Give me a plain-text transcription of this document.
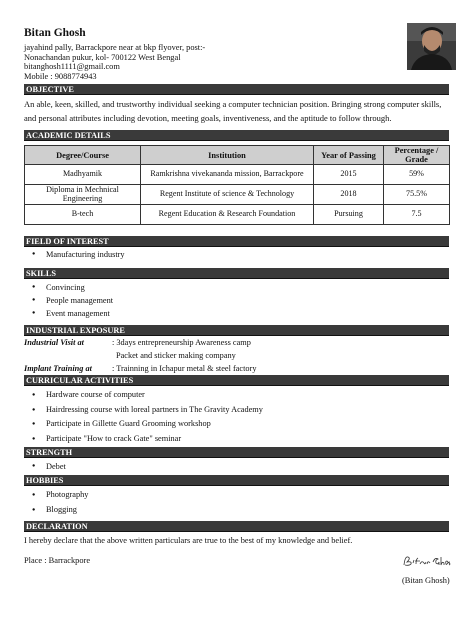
Bitan Ghosh
jayahind pally, Barrackpore near at bkp flyover, post:-
Nonachandan pukur, kol- 700122 West Bengal
bitanghosh1111@gmail.com
Mobile : 9088774943
OBJECTIVE
An able, keen, skilled, and trustworthy individual seeking a computer technician position. Bringing strong computer skills, and personal attributes including devotion, meeting goals, inventiveness, and the aptitude to follow through.
ACADEMIC DETAILS
Degree/Course	Institution	Year of Passing	Percentage / Grade
Madhyamik	Ramkrishna vivekananda mission, Barrackpore	2015	59%
Diploma in Mechnical Engineering	Regent Institute of science & Technology	2018	75.5%
B-tech	Regent Education & Research Foundation	Pursuing	7.5
FIELD OF INTEREST
● Manufacturing industry
SKILLS
● Convincing
● People management
● Event management
INDUSTRIAL EXPOSURE
Industrial Visit at	: 3days entrepreneurship Awareness camp
Packet and sticker making company
Implant Training at : Trainning in Ichapur metal & steel factory
CURRICULAR ACTIVITIES
● Hardware course of computer
● Hairdressing course with loreal partners in The Gravity Academy
● Participate in Gillette Guard Grooming workshop
● Participate "How to crack Gate" seminar
STRENGTH
● Debet
HOBBIES
● Photography
● Blogging
DECLARATION
I hereby declare that the above written particulars are true to the best of my knowledge and belief.
Place : Barrackpore
(Bitan Ghosh)
